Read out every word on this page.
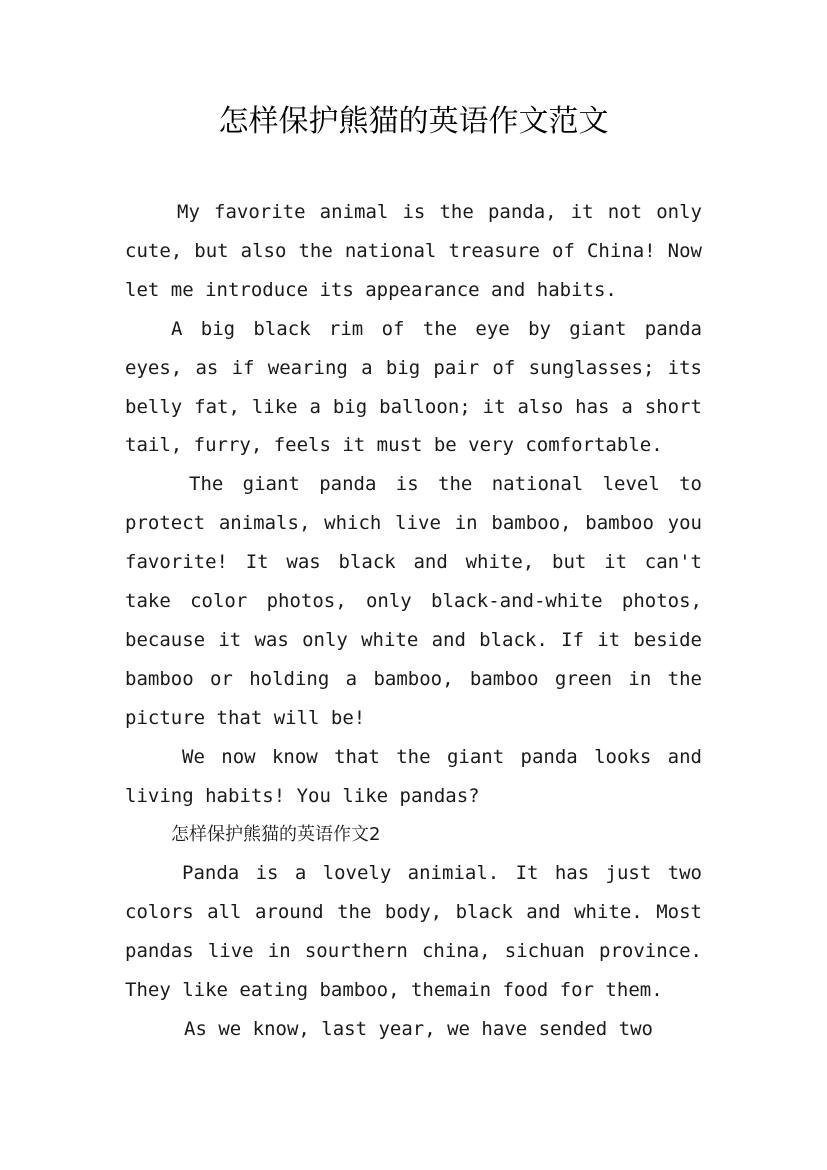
怎样保护熊猫的英语作文范文

My favorite animal is the panda, it not only cute, but also the national treasure of China! Now let me introduce its appearance and habits.

A big black rim of the eye by giant panda eyes, as if wearing a big pair of sunglasses; its belly fat, like a big balloon; it also has a short tail, furry, feels it must be very comfortable.

The giant panda is the national level to protect animals, which live in bamboo, bamboo you favorite! It was black and white, but it can't take color photos, only black-and-white photos, because it was only white and black. If it beside bamboo or holding a bamboo, bamboo green in the picture that will be!

We now know that the giant panda looks and living habits! You like pandas?

怎样保护熊猫的英语作文2

Panda is a lovely animial. It has just two colors all around the body, black and white. Most pandas live in sourthern china, sichuan province. They like eating bamboo, themain food for them.

As we know, last year, we have sended two
